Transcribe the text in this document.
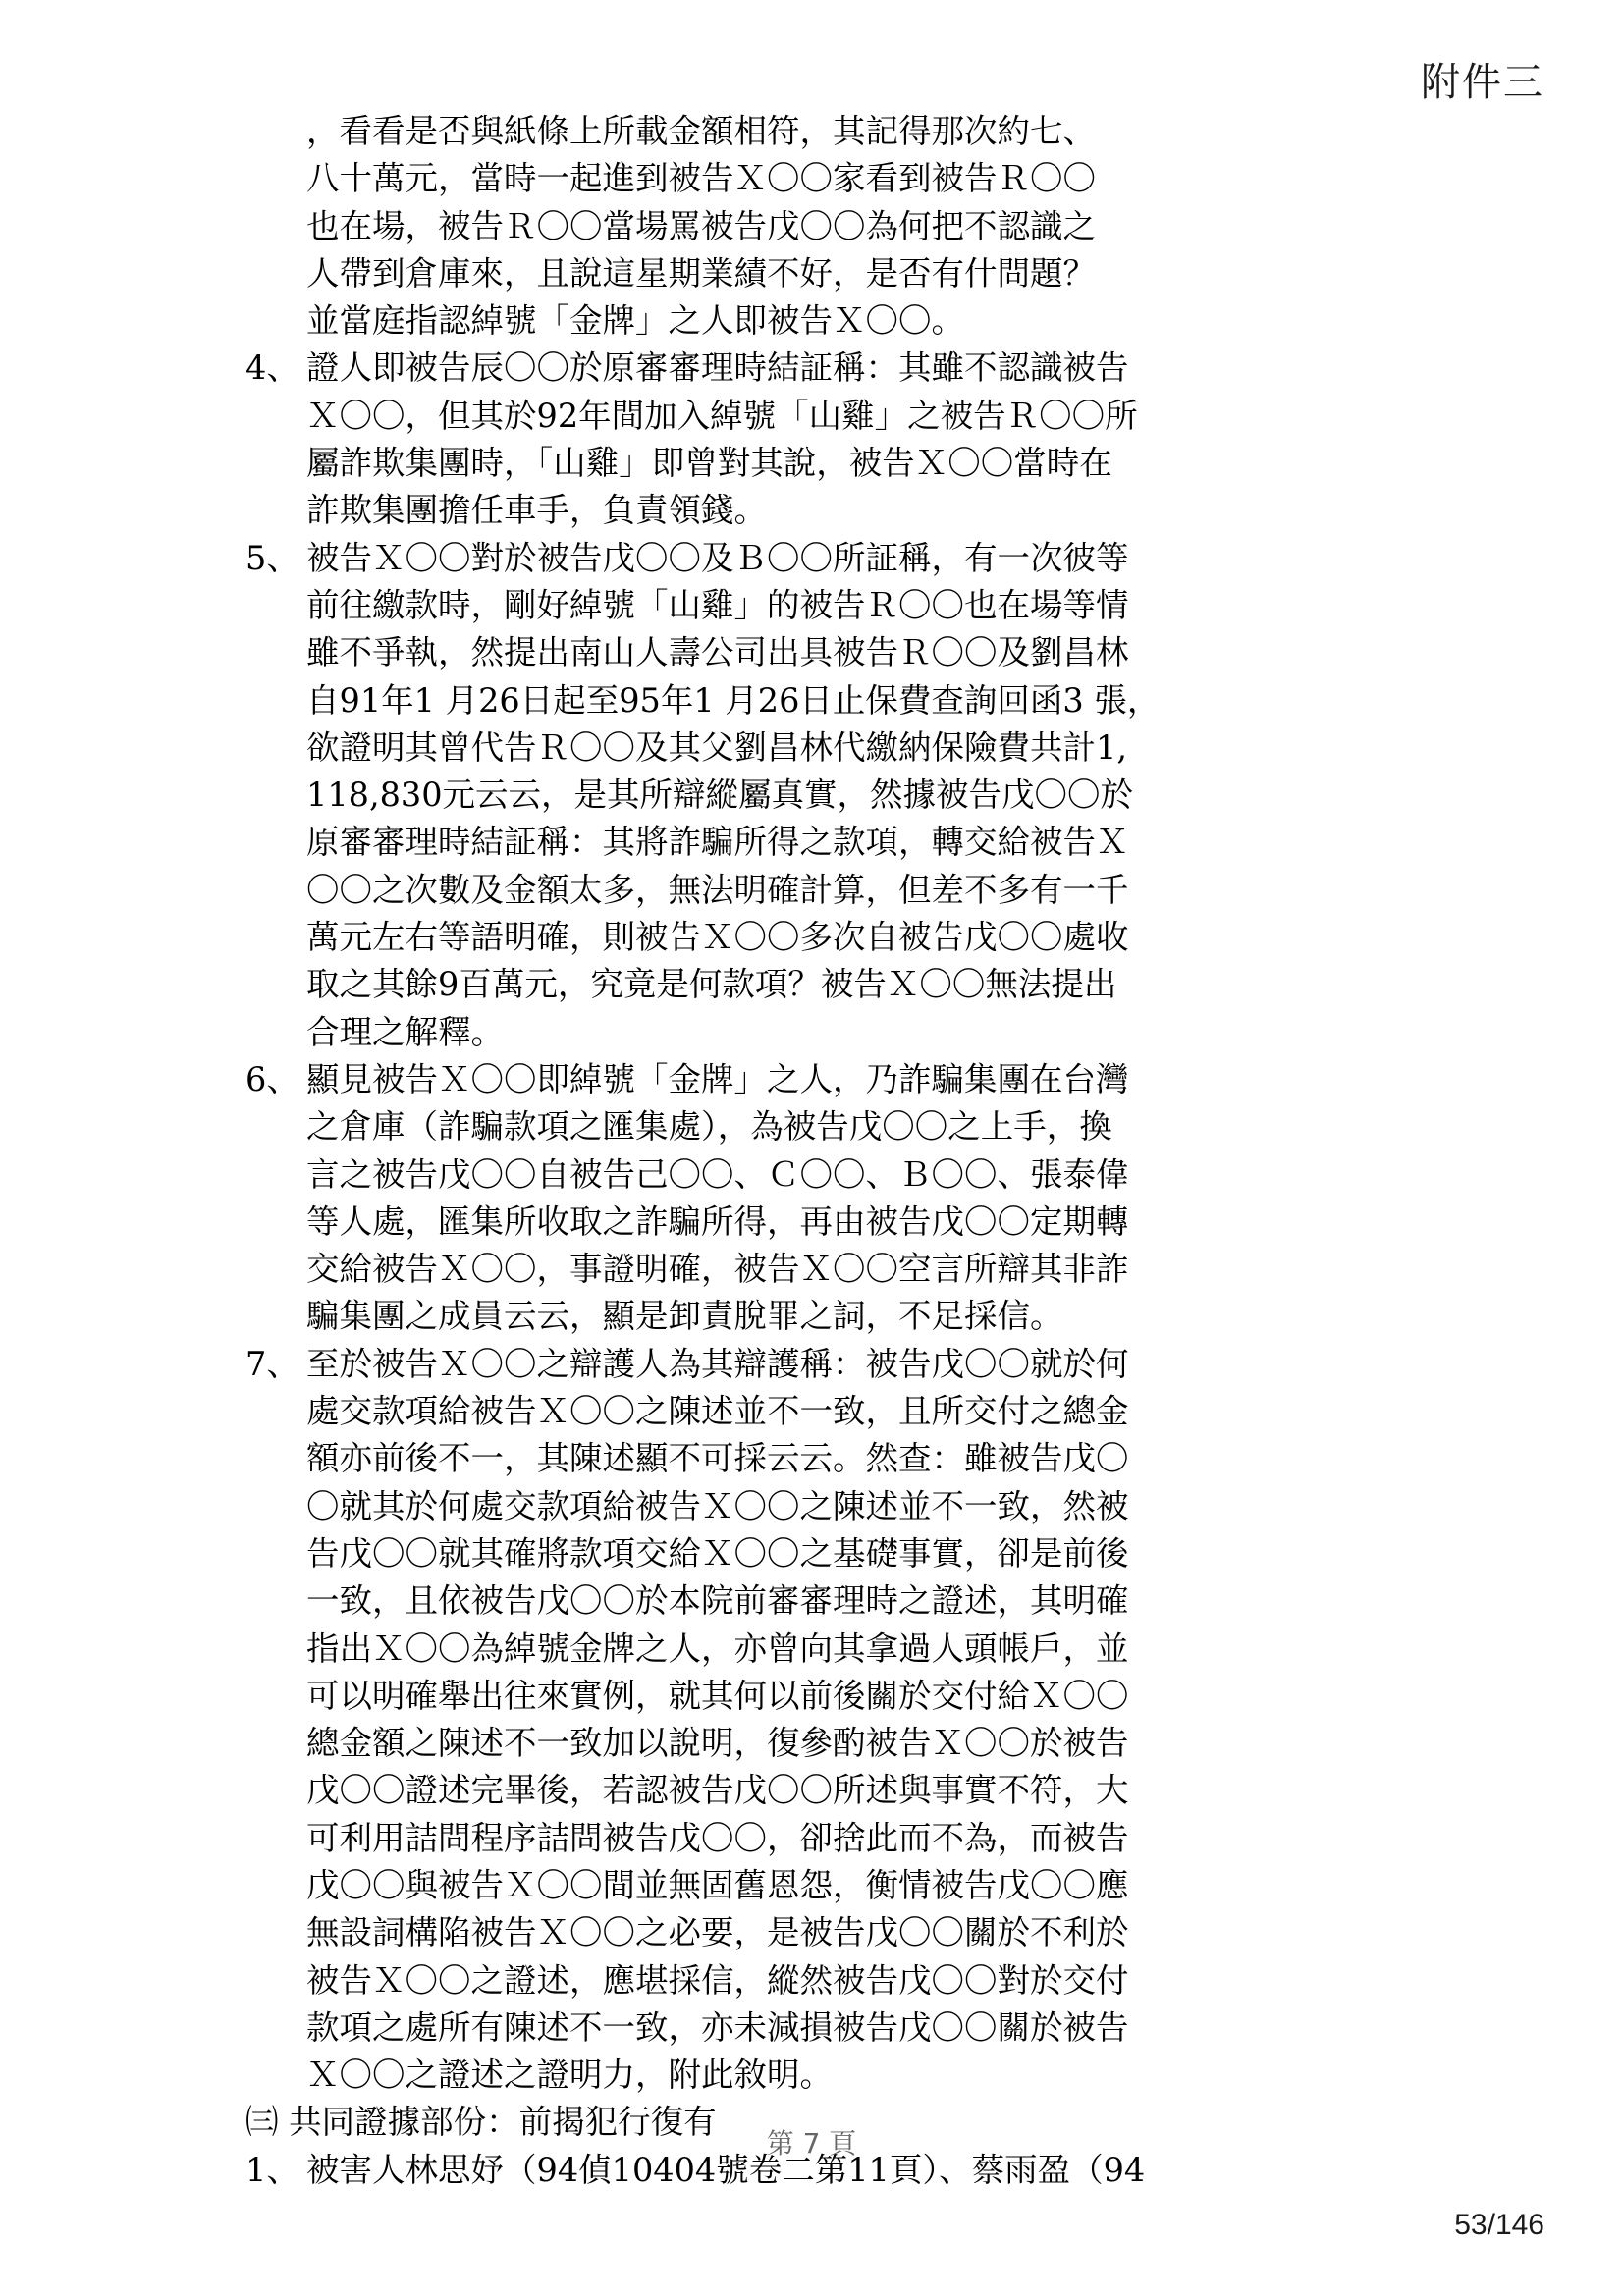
附件三
，看看是否與紙條上所載金額相符，其記得那次約七、
八十萬元，當時一起進到被告Ｘ〇〇家看到被告Ｒ〇〇
也在場，被告Ｒ〇〇當場罵被告戊〇〇為何把不認識之
人帶到倉庫來，且說這星期業績不好，是否有什問題？
並當庭指認綽號「金牌」之人即被告Ｘ〇〇。
4、 證人即被告辰〇〇於原審審理時結証稱：其雖不認識被告
Ｘ〇〇，但其於92年間加入綽號「山雞」之被告Ｒ〇〇所
屬詐欺集團時，「山雞」即曾對其說，被告Ｘ〇〇當時在
詐欺集團擔任車手，負責領錢。
5、 被告Ｘ〇〇對於被告戊〇〇及Ｂ〇〇所証稱，有一次彼等
前往繳款時，剛好綽號「山雞」的被告Ｒ〇〇也在場等情
雖不爭執，然提出南山人壽公司出具被告Ｒ〇〇及劉昌林
自91年1 月26日起至95年1 月26日止保費查詢回函3 張，
欲證明其曾代告Ｒ〇〇及其父劉昌林代繳納保險費共計1,
118,830元云云，是其所辯縱屬真實，然據被告戊〇〇於
原審審理時結証稱：其將詐騙所得之款項，轉交給被告Ｘ
〇〇之次數及金額太多，無法明確計算，但差不多有一千
萬元左右等語明確，則被告Ｘ〇〇多次自被告戊〇〇處收
取之其餘9百萬元，究竟是何款項？被告Ｘ〇〇無法提出
合理之解釋。
6、 顯見被告Ｘ〇〇即綽號「金牌」之人，乃詐騙集團在台灣
之倉庫（詐騙款項之匯集處），為被告戊〇〇之上手，換
言之被告戊〇〇自被告己〇〇、Ｃ〇〇、Ｂ〇〇、張泰偉
等人處，匯集所收取之詐騙所得，再由被告戊〇〇定期轉
交給被告Ｘ〇〇，事證明確，被告Ｘ〇〇空言所辯其非詐
騙集團之成員云云，顯是卸責脫罪之詞，不足採信。
7、 至於被告Ｘ〇〇之辯護人為其辯護稱：被告戊〇〇就於何
處交款項給被告Ｘ〇〇之陳述並不一致，且所交付之總金
額亦前後不一，其陳述顯不可採云云。然查：雖被告戊〇
〇就其於何處交款項給被告Ｘ〇〇之陳述並不一致，然被
告戊〇〇就其確將款項交給Ｘ〇〇之基礎事實，卻是前後
一致，且依被告戊〇〇於本院前審審理時之證述，其明確
指出Ｘ〇〇為綽號金牌之人，亦曾向其拿過人頭帳戶，並
可以明確舉出往來實例，就其何以前後關於交付給Ｘ〇〇
總金額之陳述不一致加以說明，復參酌被告Ｘ〇〇於被告
戊〇〇證述完畢後，若認被告戊〇〇所述與事實不符，大
可利用詰問程序詰問被告戊〇〇，卻捨此而不為，而被告
戊〇〇與被告Ｘ〇〇間並無固舊恩怨，衡情被告戊〇〇應
無設詞構陷被告Ｘ〇〇之必要，是被告戊〇〇關於不利於
被告Ｘ〇〇之證述，應堪採信，縱然被告戊〇〇對於交付
款項之處所有陳述不一致，亦未減損被告戊〇〇關於被告
Ｘ〇〇之證述之證明力，附此敘明。
㈢ 共同證據部份：前揭犯行復有
1、 被害人林思妤（94偵10404號卷二第11頁）、蔡雨盈（94
第 7 頁
53/146
